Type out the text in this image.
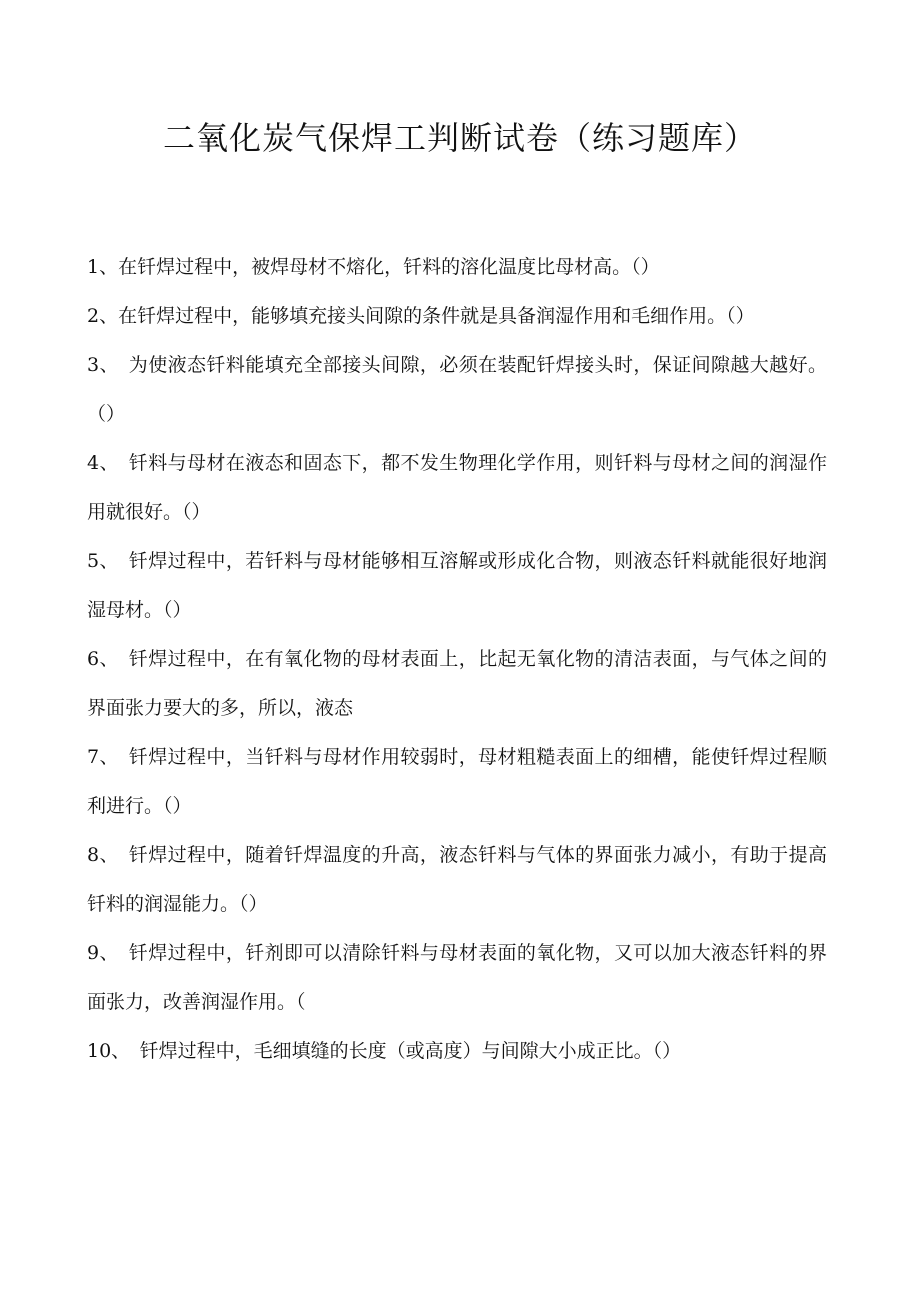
二氧化炭气保焊工判断试卷（练习题库）
1、在钎焊过程中，被焊母材不熔化，钎料的溶化温度比母材高。（）
2、在钎焊过程中，能够填充接头间隙的条件就是具备润湿作用和毛细作用。（）
3、　为使液态钎料能填充全部接头间隙，必须在装配钎焊接头时，保证间隙越大越好。（）
4、　钎料与母材在液态和固态下，都不发生物理化学作用，则钎料与母材之间的润湿作用就很好。（）
5、　钎焊过程中，若钎料与母材能够相互溶解或形成化合物，则液态钎料就能很好地润湿母材。（）
6、　钎焊过程中，在有氧化物的母材表面上，比起无氧化物的清洁表面，与气体之间的界面张力要大的多，所以，液态
7、　钎焊过程中，当钎料与母材作用较弱时，母材粗糙表面上的细槽，能使钎焊过程顺利进行。（）
8、　钎焊过程中，随着钎焊温度的升高，液态钎料与气体的界面张力减小，有助于提高钎料的润湿能力。（）
9、　钎焊过程中，钎剂即可以清除钎料与母材表面的氧化物，又可以加大液态钎料的界面张力，改善润湿作用。（
10、　钎焊过程中，毛细填缝的长度（或高度）与间隙大小成正比。（）
